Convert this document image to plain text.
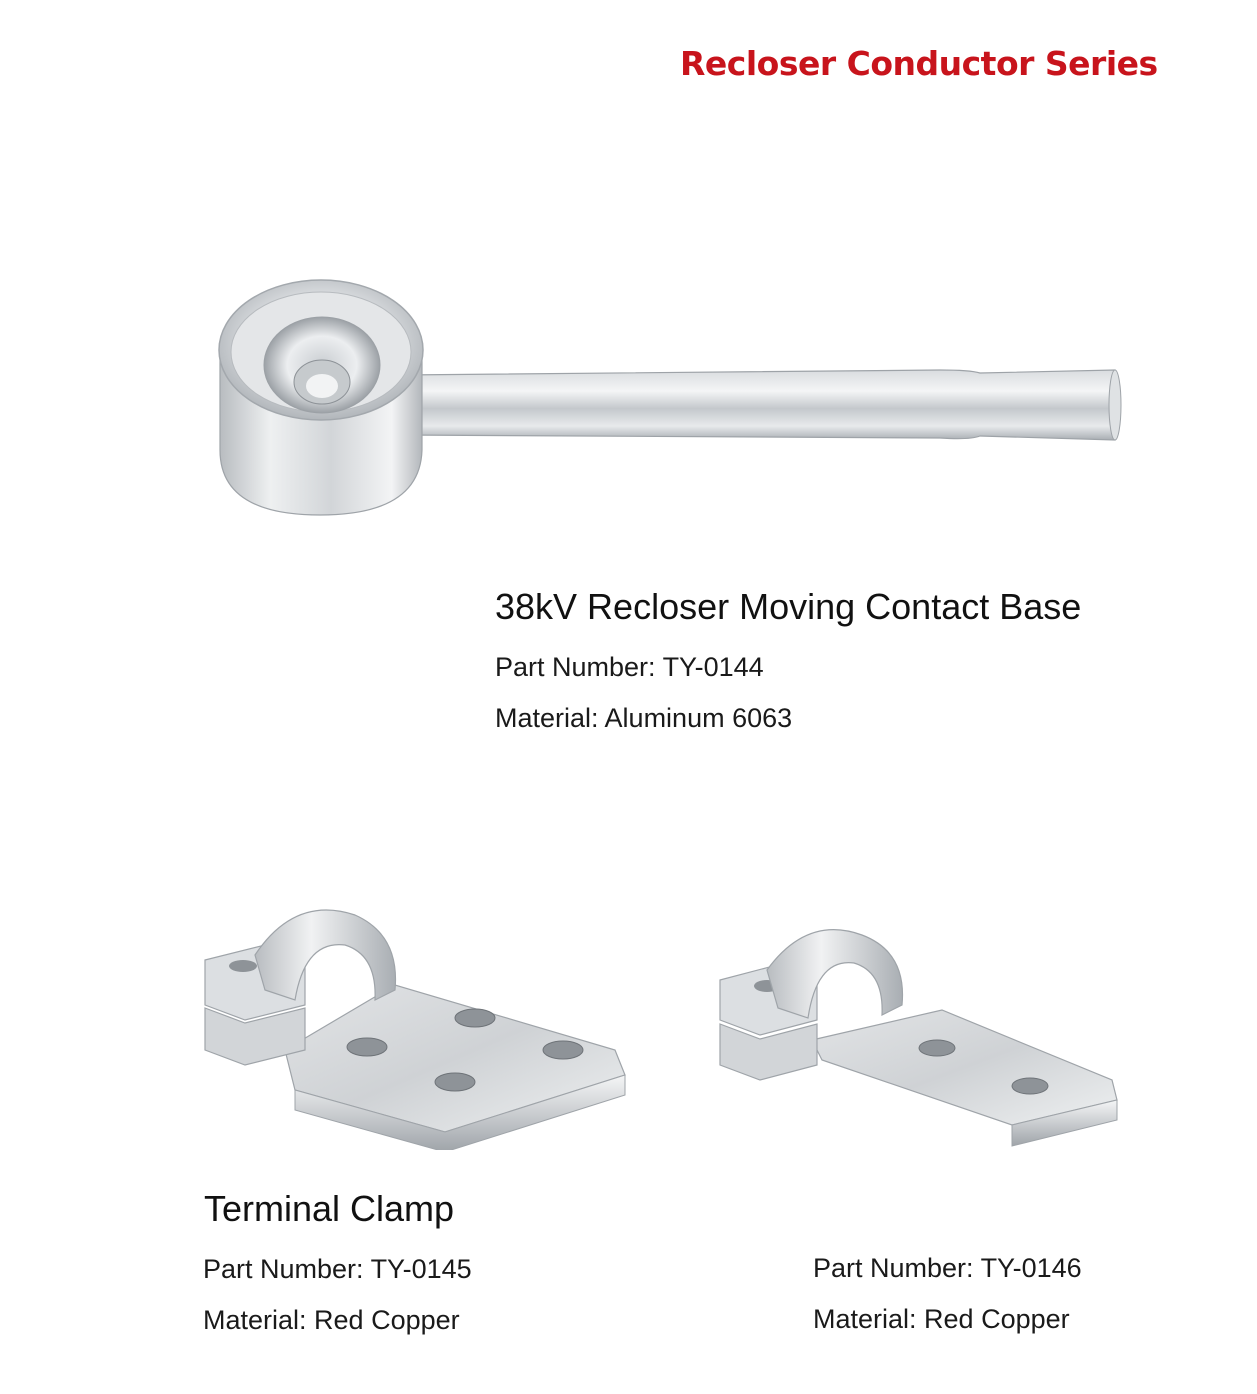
Recloser Conductor Series
38kV Recloser Moving Contact Base
Part Number: TY-0144
Material: Aluminum 6063
Terminal Clamp
Part Number: TY-0145
Material: Red Copper
Part Number: TY-0146
Material: Red Copper
